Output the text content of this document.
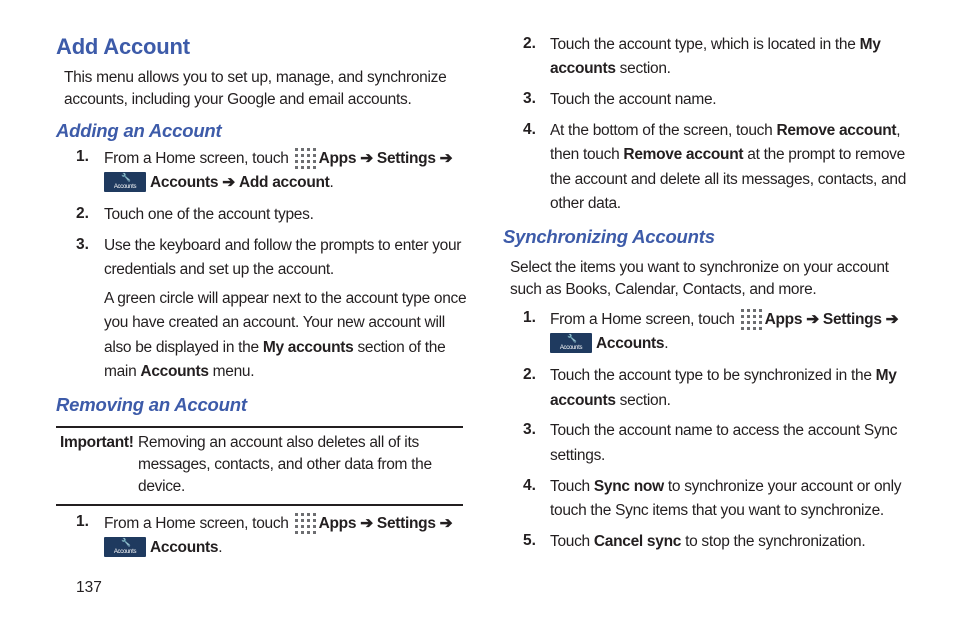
Add Account
This menu allows you to set up, manage, and synchronize
accounts, including your Google and email accounts.
Adding an Account
1. From a Home screen, touch Apps ➔ Settings ➔
🔧
Accounts Accounts ➔ Add account.
2. Touch one of the account types.
3. Use the keyboard and follow the prompts to enter your
credentials and set up the account.
A green circle will appear next to the account type once
you have created an account. Your new account will
also be displayed in the My accounts section of the
main Accounts menu.
Removing an Account
Important! Removing an account also deletes all of its
messages, contacts, and other data from the
device.
1. From a Home screen, touch Apps ➔ Settings ➔
🔧
Accounts Accounts.
137
2. Touch the account type, which is located in the My
accounts section.
3. Touch the account name.
4. At the bottom of the screen, touch Remove account,
then touch Remove account at the prompt to remove
the account and delete all its messages, contacts, and
other data.
Synchronizing Accounts
Select the items you want to synchronize on your account
such as Books, Calendar, Contacts, and more.
1. From a Home screen, touch Apps ➔ Settings ➔
🔧
Accounts Accounts.
2. Touch the account type to be synchronized in the My
accounts section.
3. Touch the account name to access the account Sync
settings.
4. Touch Sync now to synchronize your account or only
touch the Sync items that you want to synchronize.
5. Touch Cancel sync to stop the synchronization.
